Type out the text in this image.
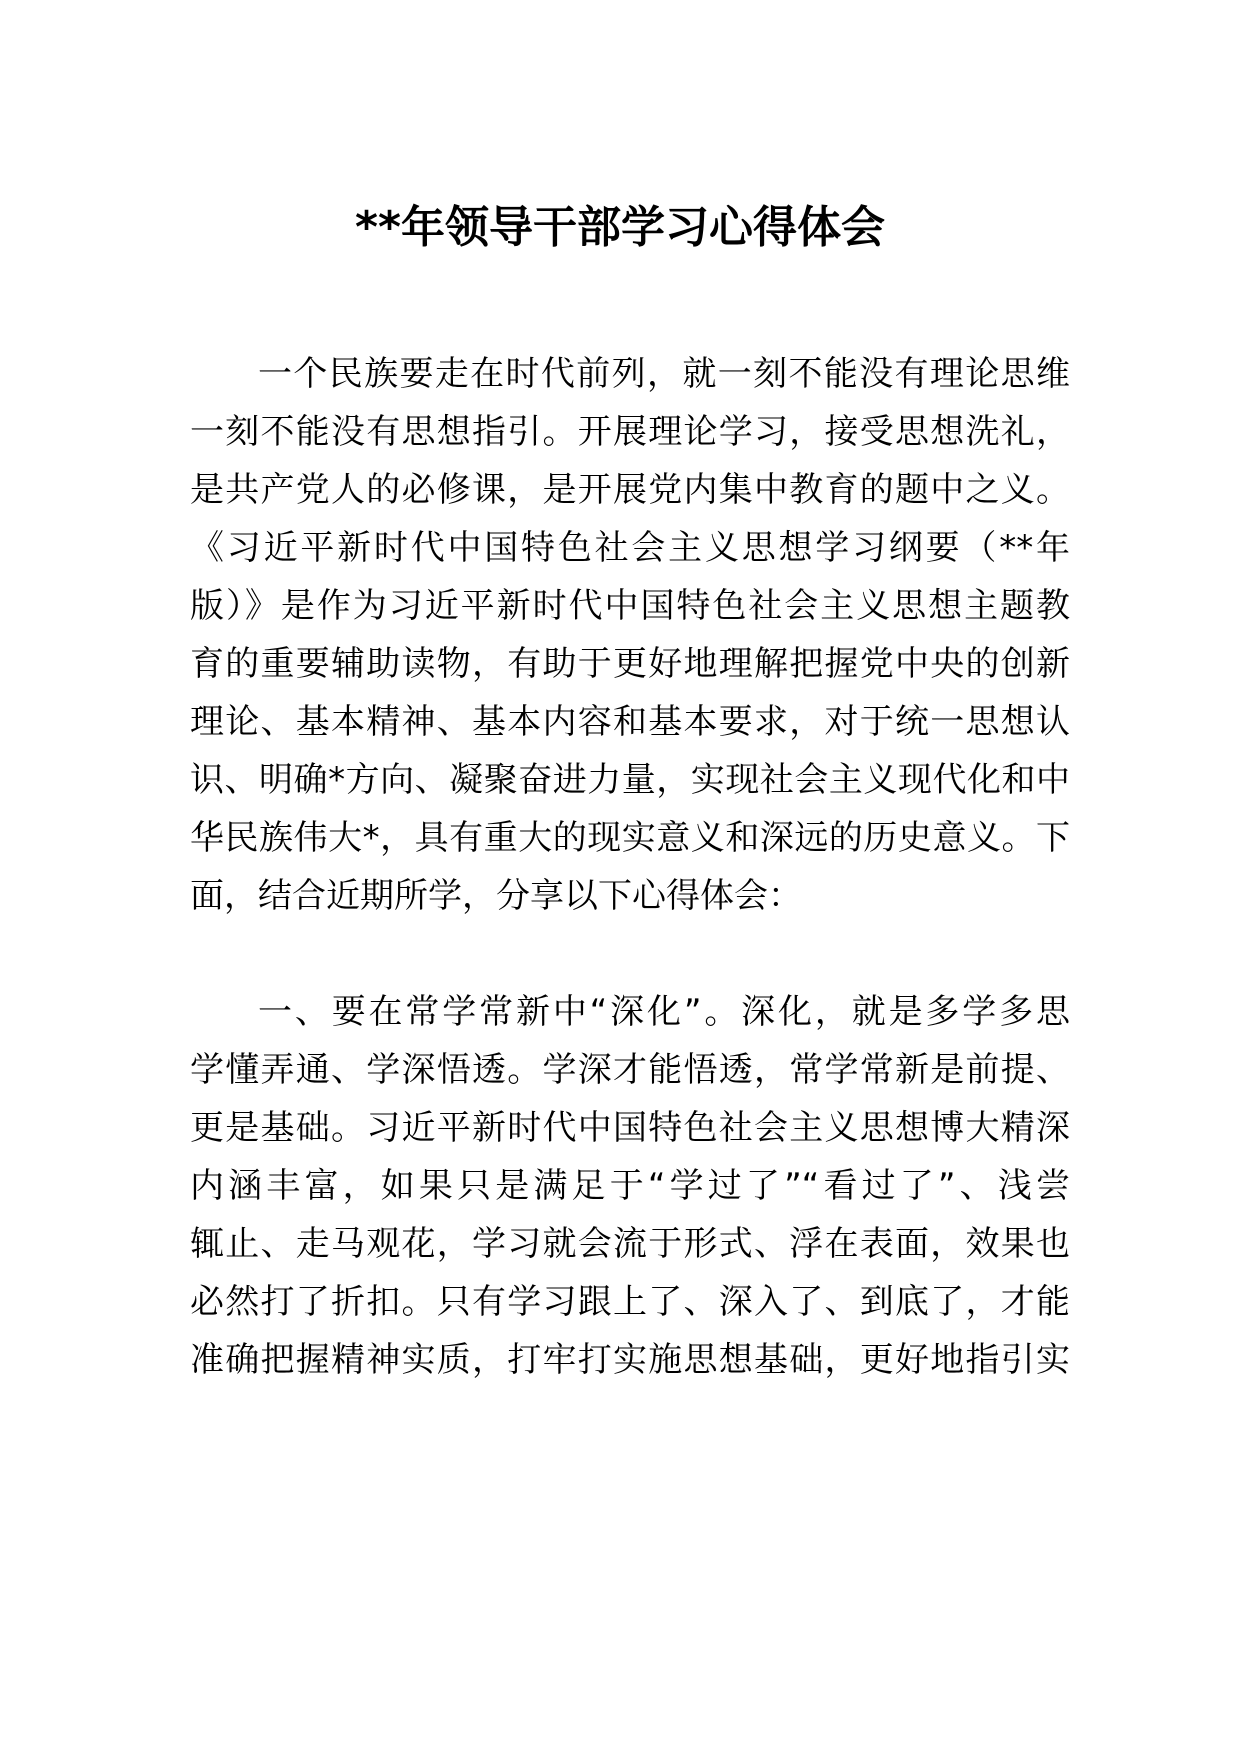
**年领导干部学习心得体会
一个民族要走在时代前列，就一刻不能没有理论思维
一刻不能没有思想指引。开展理论学习，接受思想洗礼，
是共产党人的必修课，是开展党内集中教育的题中之义。
《习近平新时代中国特色社会主义思想学习纲要（**年
版）》是作为习近平新时代中国特色社会主义思想主题教
育的重要辅助读物，有助于更好地理解把握党中央的创新
理论、基本精神、基本内容和基本要求，对于统一思想认
识、明确*方向、凝聚奋进力量，实现社会主义现代化和中
华民族伟大*，具有重大的现实意义和深远的历史意义。下
面，结合近期所学，分享以下心得体会：
一、要在常学常新中“深化”。深化，就是多学多思
学懂弄通、学深悟透。学深才能悟透，常学常新是前提、
更是基础。习近平新时代中国特色社会主义思想博大精深
内涵丰富，如果只是满足于“学过了”“看过了”、浅尝
辄止、走马观花，学习就会流于形式、浮在表面，效果也
必然打了折扣。只有学习跟上了、深入了、到底了，才能
准确把握精神实质，打牢打实施思想基础，更好地指引实
